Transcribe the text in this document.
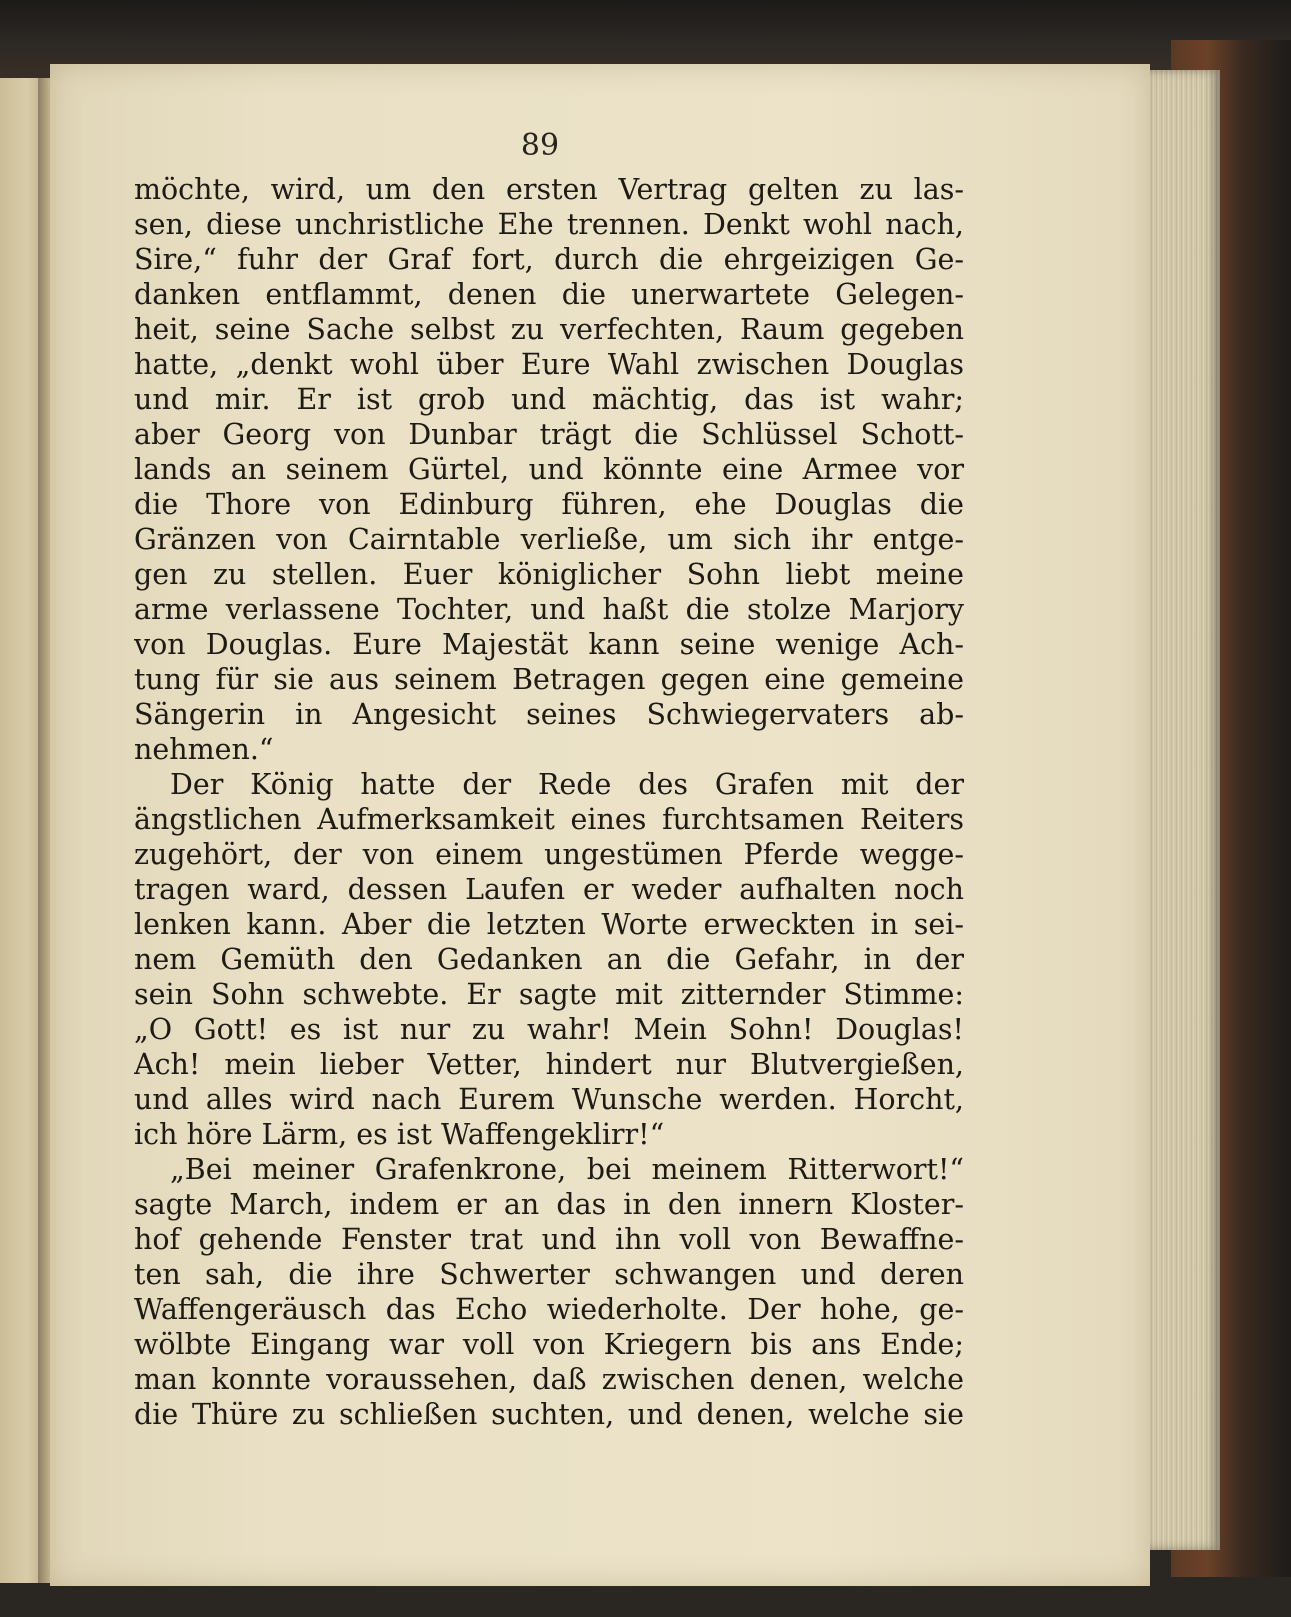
89
möchte, wird, um den ersten Vertrag gelten zu las-
sen, diese unchristliche Ehe trennen. Denkt wohl nach,
Sire,“ fuhr der Graf fort, durch die ehrgeizigen Ge-
danken entflammt, denen die unerwartete Gelegen-
heit, seine Sache selbst zu verfechten, Raum gegeben
hatte, „denkt wohl über Eure Wahl zwischen Douglas
und mir. Er ist grob und mächtig, das ist wahr;
aber Georg von Dunbar trägt die Schlüssel Schott-
lands an seinem Gürtel, und könnte eine Armee vor
die Thore von Edinburg führen, ehe Douglas die
Gränzen von Cairntable verließe, um sich ihr entge-
gen zu stellen. Euer königlicher Sohn liebt meine
arme verlassene Tochter, und haßt die stolze Marjory
von Douglas. Eure Majestät kann seine wenige Ach-
tung für sie aus seinem Betragen gegen eine gemeine
Sängerin in Angesicht seines Schwiegervaters ab-
nehmen.“
Der König hatte der Rede des Grafen mit der
ängstlichen Aufmerksamkeit eines furchtsamen Reiters
zugehört, der von einem ungestümen Pferde wegge-
tragen ward, dessen Laufen er weder aufhalten noch
lenken kann. Aber die letzten Worte erweckten in sei-
nem Gemüth den Gedanken an die Gefahr, in der
sein Sohn schwebte. Er sagte mit zitternder Stimme:
„O Gott! es ist nur zu wahr! Mein Sohn! Douglas!
Ach! mein lieber Vetter, hindert nur Blutvergießen,
und alles wird nach Eurem Wunsche werden. Horcht,
ich höre Lärm, es ist Waffengeklirr!“
„Bei meiner Grafenkrone, bei meinem Ritterwort!“
sagte March, indem er an das in den innern Kloster-
hof gehende Fenster trat und ihn voll von Bewaffne-
ten sah, die ihre Schwerter schwangen und deren
Waffengeräusch das Echo wiederholte. Der hohe, ge-
wölbte Eingang war voll von Kriegern bis ans Ende;
man konnte voraussehen, daß zwischen denen, welche
die Thüre zu schließen suchten, und denen, welche sie
